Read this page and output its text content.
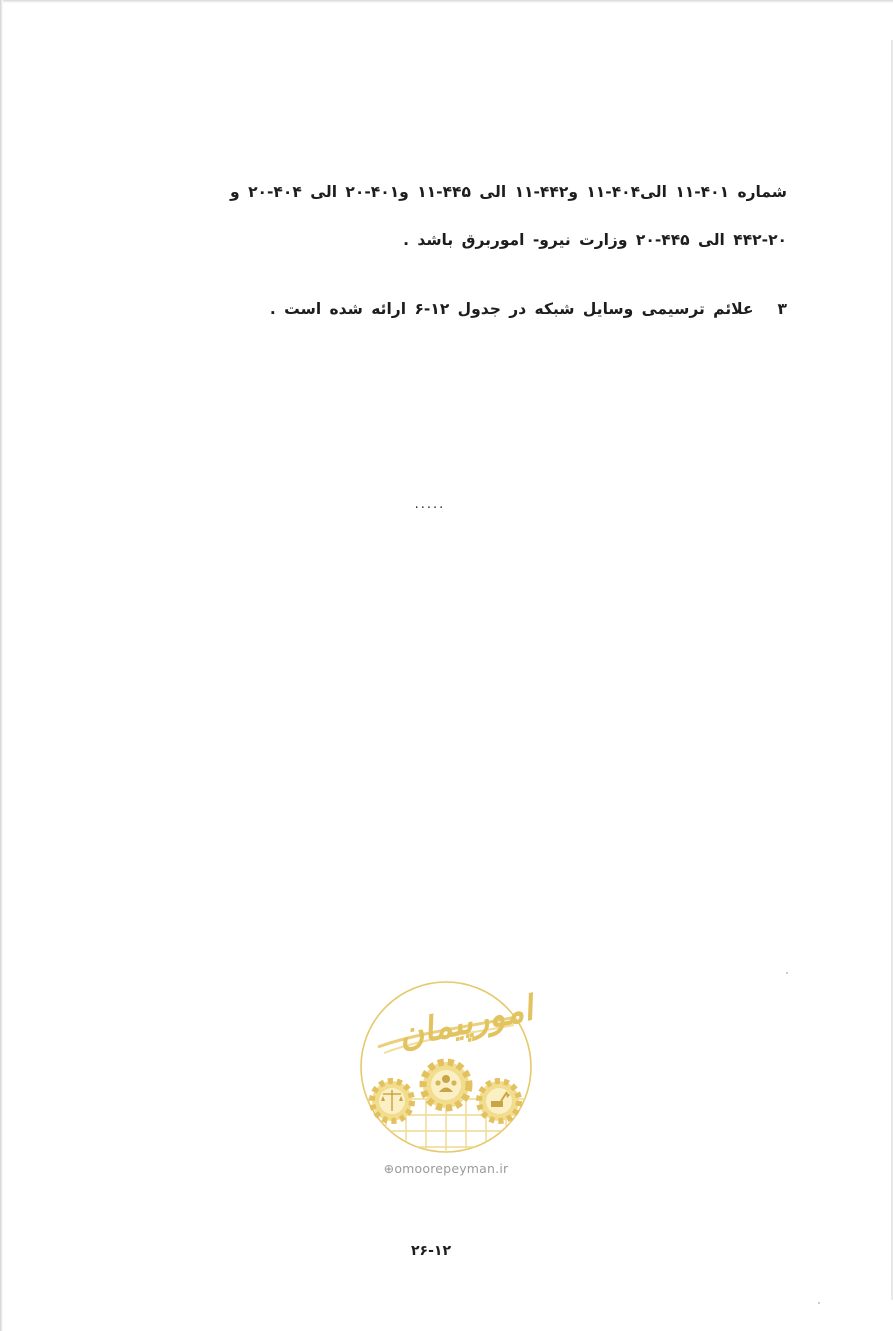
شماره ۴۰۱-۱۱ الی۴۰۴-۱۱ و۴۴۲-۱۱ الی ۴۴۵-۱۱ و۴۰۱-۲۰ الی ۴۰۴-۲۰ و
۴۴۲-۲۰ الی ۴۴۵-۲۰ وزارت نیرو- اموربرق باشد .
۳علائم ترسیمی وسایل شبکه در جدول ۱۲-۶ ارائه شده است .
.....
امورپیمان
⊕omoorepeyman.ir
۲۶-۱۲
